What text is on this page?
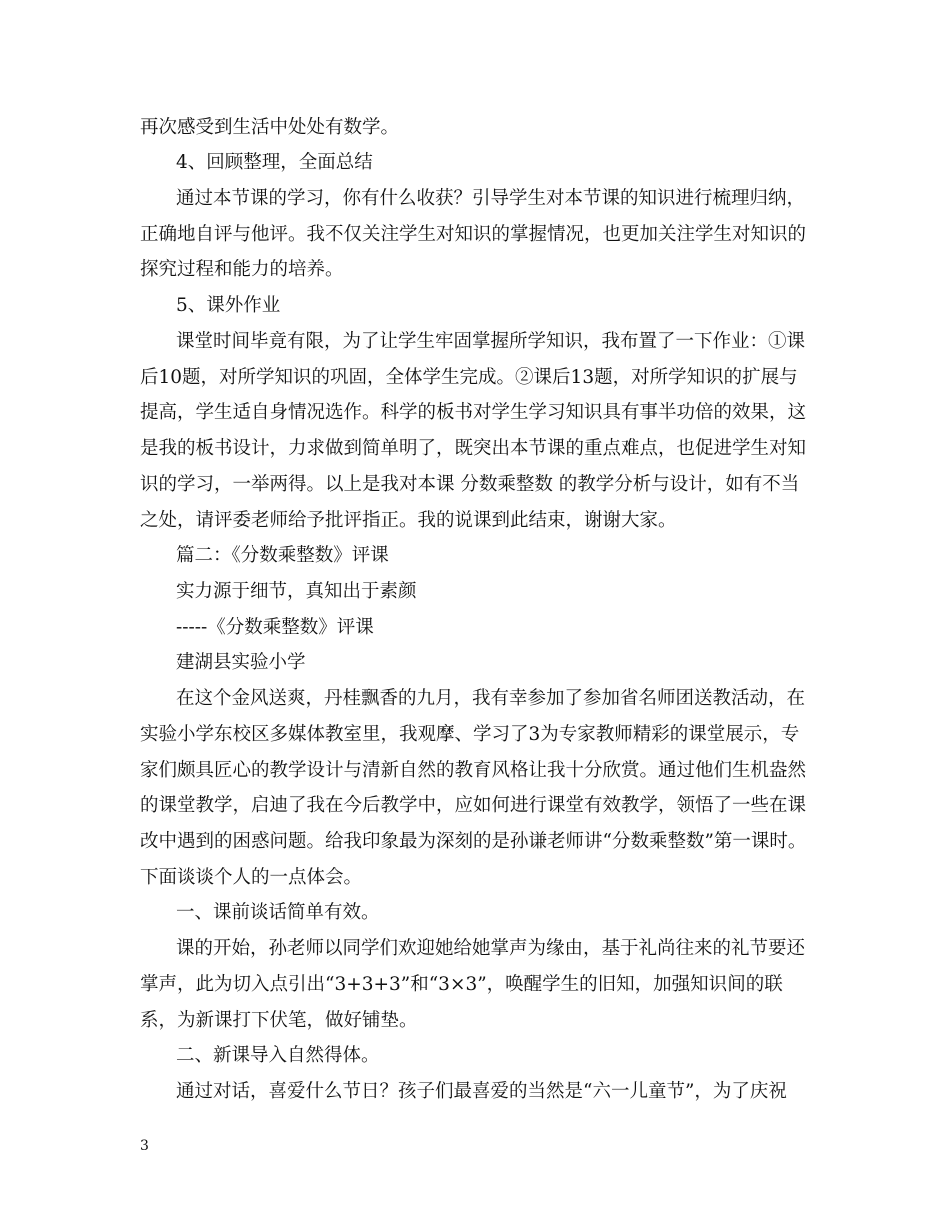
再次感受到生活中处处有数学。
4、回顾整理，全面总结
通过本节课的学习，你有什么收获？引导学生对本节课的知识进行梳理归纳，
正确地自评与他评。我不仅关注学生对知识的掌握情况，也更加关注学生对知识的
探究过程和能力的培养。
5、课外作业
课堂时间毕竟有限，为了让学生牢固掌握所学知识，我布置了一下作业：①课
后10题，对所学知识的巩固，全体学生完成。②课后13题，对所学知识的扩展与
提高，学生适自身情况选作。科学的板书对学生学习知识具有事半功倍的效果，这
是我的板书设计，力求做到简单明了，既突出本节课的重点难点，也促进学生对知
识的学习，一举两得。以上是我对本课 分数乘整数 的教学分析与设计，如有不当
之处，请评委老师给予批评指正。我的说课到此结束，谢谢大家。
篇二：《分数乘整数》评课
实力源于细节，真知出于素颜
-----《分数乘整数》评课
建湖县实验小学
在这个金风送爽，丹桂飘香的九月，我有幸参加了参加省名师团送教活动，在
实验小学东校区多媒体教室里，我观摩、学习了3为专家教师精彩的课堂展示，专
家们颇具匠心的教学设计与清新自然的教育风格让我十分欣赏。通过他们生机盎然
的课堂教学，启迪了我在今后教学中，应如何进行课堂有效教学，领悟了一些在课
改中遇到的困惑问题。给我印象最为深刻的是孙谦老师讲“分数乘整数”第一课时。
下面谈谈个人的一点体会。
一、课前谈话简单有效。
课的开始，孙老师以同学们欢迎她给她掌声为缘由，基于礼尚往来的礼节要还
掌声，此为切入点引出“3+3+3”和“3×3”，唤醒学生的旧知，加强知识间的联
系，为新课打下伏笔，做好铺垫。
二、新课导入自然得体。
通过对话，喜爱什么节日？孩子们最喜爱的当然是“六一儿童节”，为了庆祝
3
